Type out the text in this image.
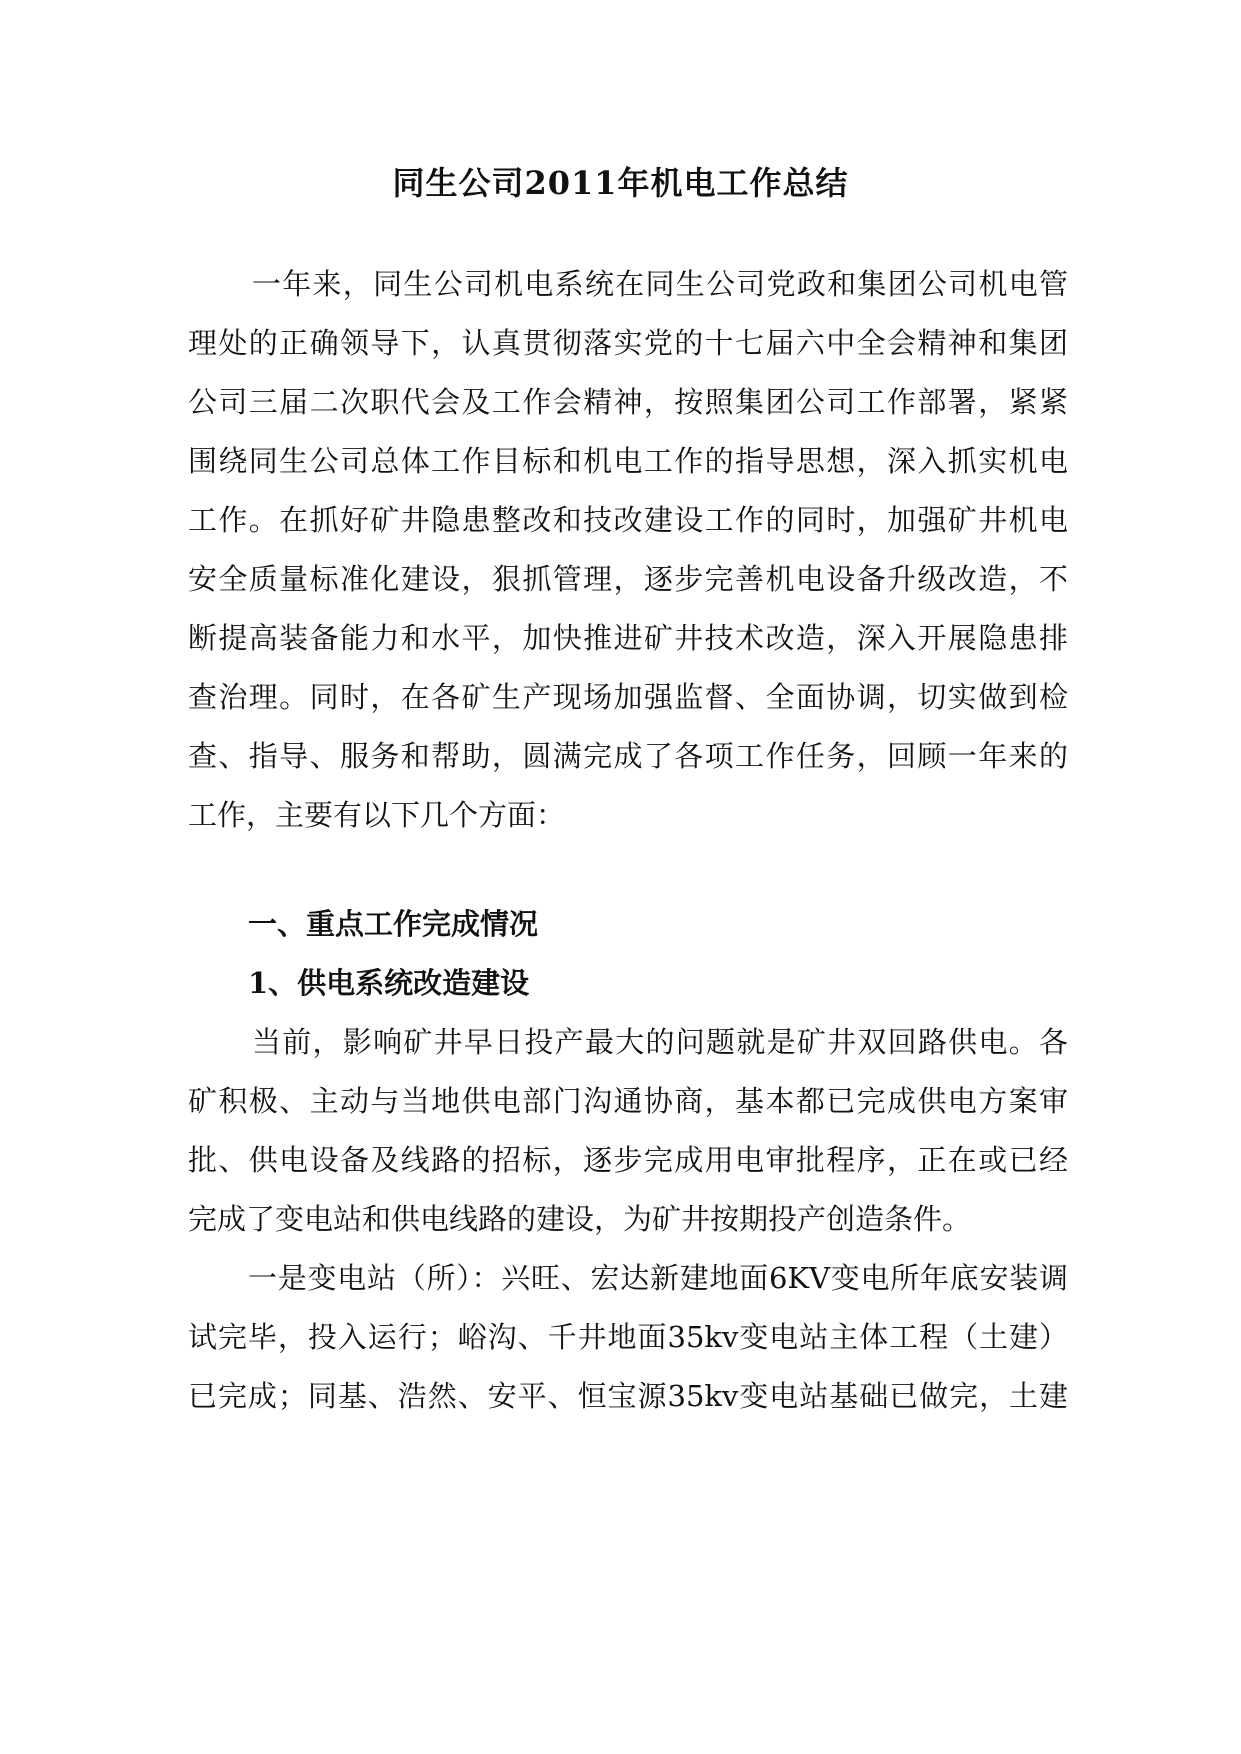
同生公司2011年机电工作总结
一年来，同生公司机电系统在同生公司党政和集团公司机电管
理处的正确领导下，认真贯彻落实党的十七届六中全会精神和集团
公司三届二次职代会及工作会精神，按照集团公司工作部署，紧紧
围绕同生公司总体工作目标和机电工作的指导思想，深入抓实机电
工作。在抓好矿井隐患整改和技改建设工作的同时，加强矿井机电
安全质量标准化建设，狠抓管理，逐步完善机电设备升级改造，不
断提高装备能力和水平，加快推进矿井技术改造，深入开展隐患排
查治理。同时，在各矿生产现场加强监督、全面协调，切实做到检
查、指导、服务和帮助，圆满完成了各项工作任务，回顾一年来的
工作，主要有以下几个方面：
一、重点工作完成情况
1、供电系统改造建设
当前，影响矿井早日投产最大的问题就是矿井双回路供电。各
矿积极、主动与当地供电部门沟通协商，基本都已完成供电方案审
批、供电设备及线路的招标，逐步完成用电审批程序，正在或已经
完成了变电站和供电线路的建设，为矿井按期投产创造条件。
一是变电站（所）：兴旺、宏达新建地面6KV变电所年底安装调
试完毕，投入运行；峪沟、千井地面35kv变电站主体工程（土建）
已完成；同基、浩然、安平、恒宝源35kv变电站基础已做完，土建
